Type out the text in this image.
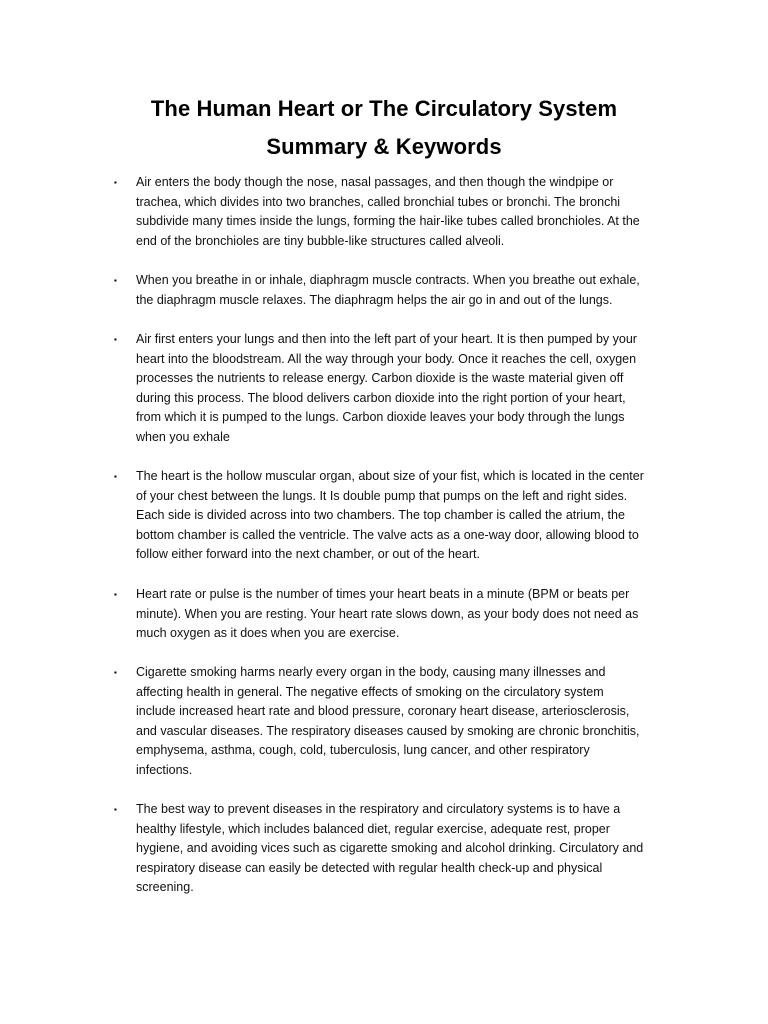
The Human Heart or The Circulatory System
Summary & Keywords
▪ Air enters the body though the nose, nasal passages, and then though the windpipe or
trachea, which divides into two branches, called bronchial tubes or bronchi. The bronchi
subdivide many times inside the lungs, forming the hair-like tubes called bronchioles. At the
end of the bronchioles are tiny bubble-like structures called alveoli.

▪ When you breathe in or inhale, diaphragm muscle contracts. When you breathe out exhale,
the diaphragm muscle relaxes. The diaphragm helps the air go in and out of the lungs.

▪ Air first enters your lungs and then into the left part of your heart. It is then pumped by your
heart into the bloodstream. All the way through your body. Once it reaches the cell, oxygen
processes the nutrients to release energy. Carbon dioxide is the waste material given off
during this process. The blood delivers carbon dioxide into the right portion of your heart,
from which it is pumped to the lungs. Carbon dioxide leaves your body through the lungs
when you exhale

▪ The heart is the hollow muscular organ, about size of your fist, which is located in the center
of your chest between the lungs. It Is double pump that pumps on the left and right sides.
Each side is divided across into two chambers. The top chamber is called the atrium, the
bottom chamber is called the ventricle. The valve acts as a one-way door, allowing blood to
follow either forward into the next chamber, or out of the heart.

▪ Heart rate or pulse is the number of times your heart beats in a minute (BPM or beats per
minute). When you are resting. Your heart rate slows down, as your body does not need as
much oxygen as it does when you are exercise.

▪ Cigarette smoking harms nearly every organ in the body, causing many illnesses and
affecting health in general. The negative effects of smoking on the circulatory system
include increased heart rate and blood pressure, coronary heart disease, arteriosclerosis,
and vascular diseases. The respiratory diseases caused by smoking are chronic bronchitis,
emphysema, asthma, cough, cold, tuberculosis, lung cancer, and other respiratory
infections.

▪ The best way to prevent diseases in the respiratory and circulatory systems is to have a
healthy lifestyle, which includes balanced diet, regular exercise, adequate rest, proper
hygiene, and avoiding vices such as cigarette smoking and alcohol drinking. Circulatory and
respiratory disease can easily be detected with regular health check-up and physical
screening.
